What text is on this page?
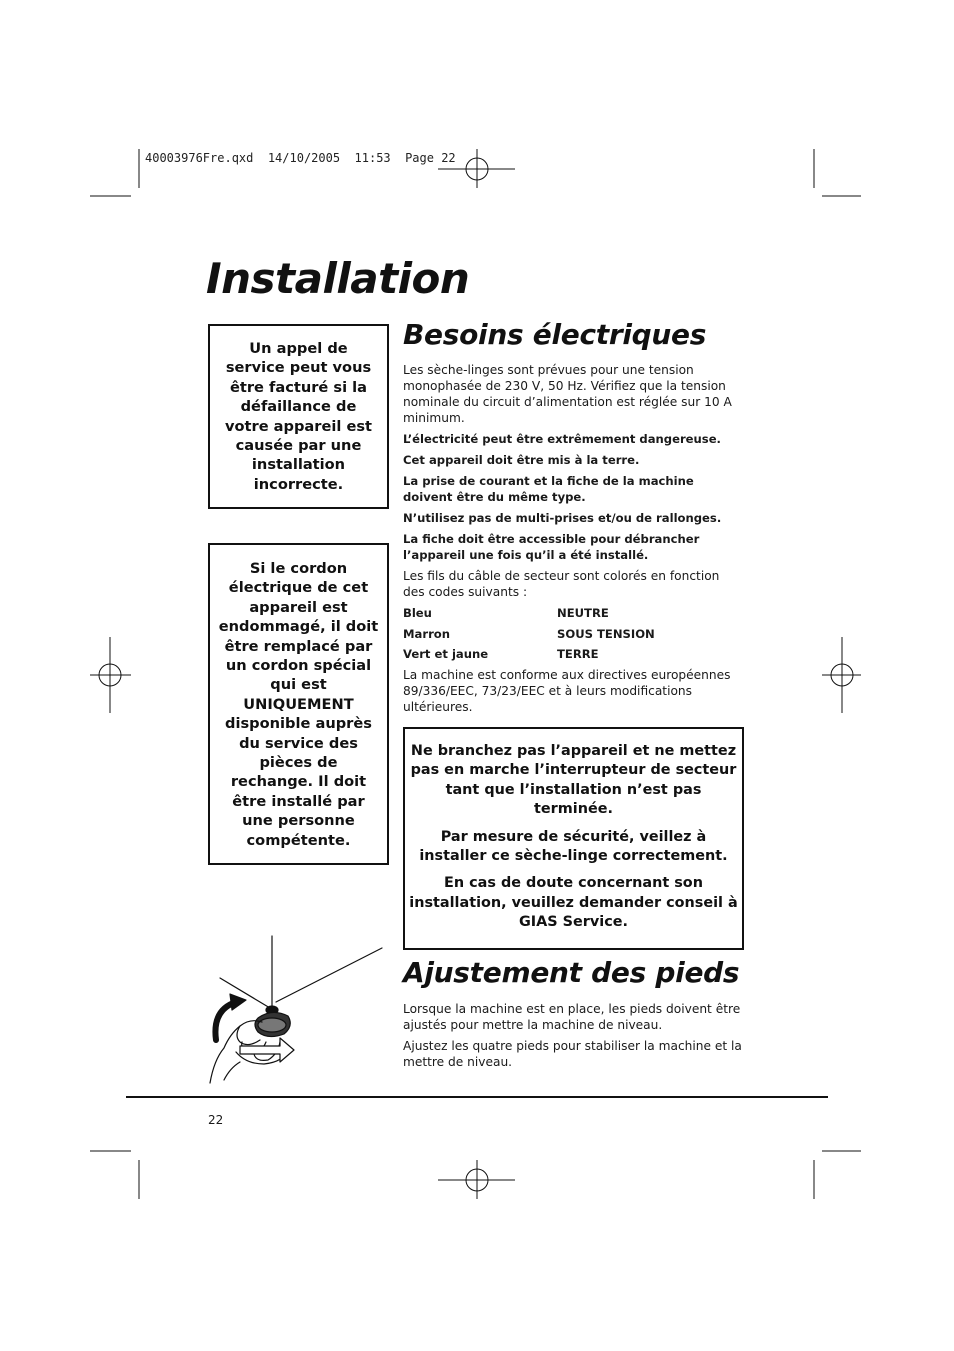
40003976Fre.qxd  14/10/2005  11:53  Page 22
Installation
Un appel de
service peut vous
être facturé si la
défaillance de
votre appareil est
causée par une
installation
incorrecte.
Si le cordon
électrique de cet
appareil est
endommagé, il doit
être remplacé par
un cordon spécial
qui est
UNIQUEMENT
disponible auprès
du service des
pièces de
rechange. Il doit
être installé par
une personne
compétente.
Besoins électriques

Les sèche-linges sont prévues pour une tension monophasée de 230 V, 50 Hz. Vérifiez que la tension nominale du circuit d’alimentation est réglée sur 10 A minimum.

L’électricité peut être extrêmement dangereuse.

Cet appareil doit être mis à la terre.

La prise de courant et la fiche de la machine doivent être du même type.

N’utilisez pas de multi-prises et/ou de rallonges.

La fiche doit être accessible pour débrancher l’appareil une fois qu’il a été installé.

Les fils du câble de secteur sont colorés en fonction des codes suivants :

Bleu	NEUTRE
Marron	SOUS TENSION
Vert et jaune	TERRE

La machine est conforme aux directives européennes 89/336/EEC, 73/23/EEC et à leurs modifications ultérieures.

Ne branchez pas l’appareil et ne mettez
pas en marche l’interrupteur de secteur
tant que l’installation n’est pas
terminée.

Par mesure de sécurité, veillez à
installer ce sèche-linge correctement.

En cas de doute concernant son
installation, veuillez demander conseil à
GIAS Service.

Ajustement des pieds

Lorsque la machine est en place, les pieds doivent être ajustés pour mettre la machine de niveau.

Ajustez les quatre pieds pour stabiliser la machine et la mettre de niveau.

22
